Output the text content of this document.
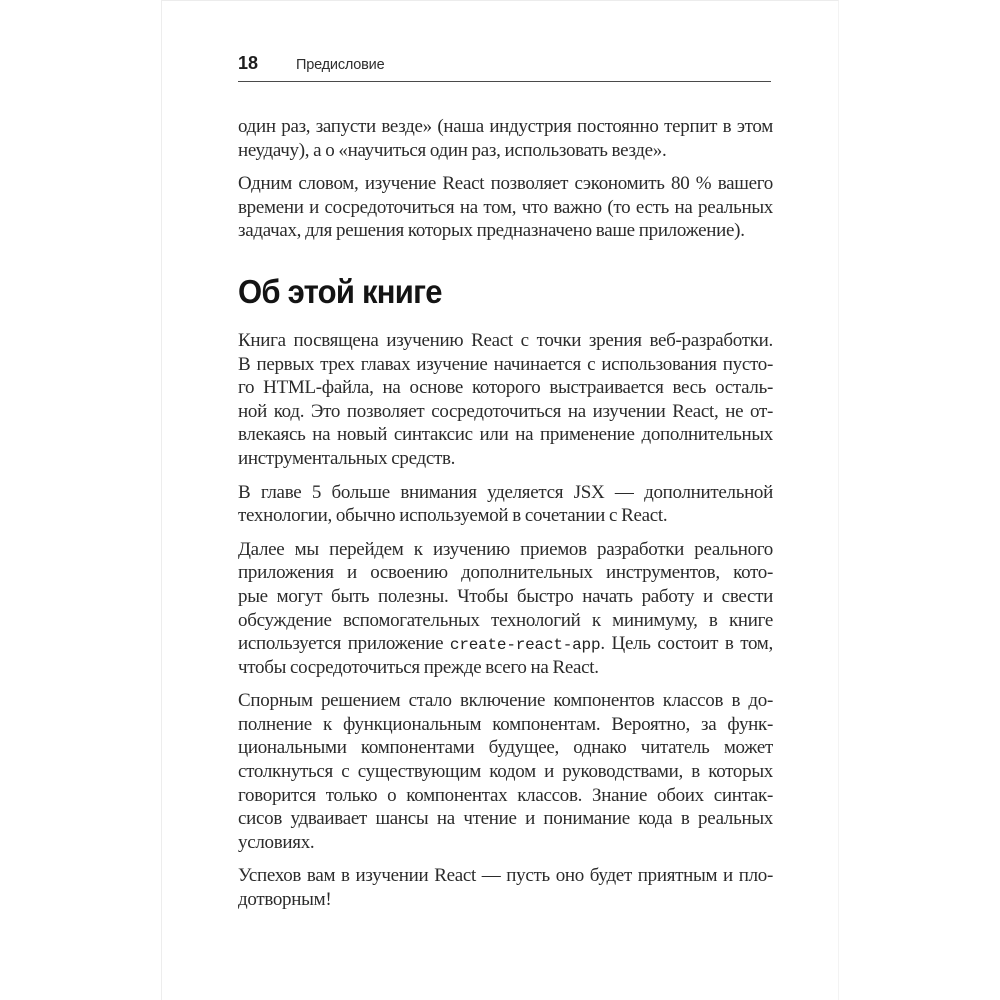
18	Предисловие
один раз, запусти везде» (наша индустрия постоянно терпит в этом
неудачу), а о «научиться один раз, использовать везде».
Одним словом, изучение React позволяет сэкономить 80 % вашего
времени и сосредоточиться на том, что важно (то есть на реальных
задачах, для решения которых предназначено ваше приложение).
Об этой книге
Книга посвящена изучению React с точки зрения веб-разработки.
В первых трех главах изучение начинается с использования пусто-
го HTML-файла, на основе которого выстраивается весь осталь-
ной код. Это позволяет сосредоточиться на изучении React, не от-
влекаясь на новый синтаксис или на применение дополнительных
инструментальных средств.
В главе 5 больше внимания уделяется JSX — дополнительной
технологии, обычно используемой в сочетании с React.
Далее мы перейдем к изучению приемов разработки реального
приложения и освоению дополнительных инструментов, кото-
рые могут быть полезны. Чтобы быстро начать работу и свести
обсуждение вспомогательных технологий к минимуму, в книге
используется приложение create-react-app. Цель состоит в том,
чтобы сосредоточиться прежде всего на React.
Спорным решением стало включение компонентов классов в до-
полнение к функциональным компонентам. Вероятно, за функ-
циональными компонентами будущее, однако читатель может
столкнуться с существующим кодом и руководствами, в которых
говорится только о компонентах классов. Знание обоих синтак-
сисов удваивает шансы на чтение и понимание кода в реальных
условиях.
Успехов вам в изучении React — пусть оно будет приятным и пло-
дотворным!
